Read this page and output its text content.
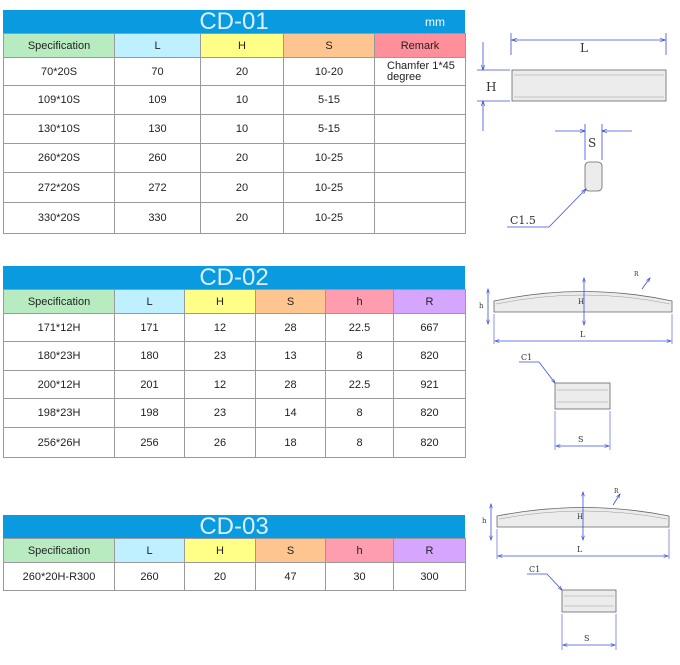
CD-01	mm
Specification	L	H	S	Remark
70*20S	70	20	10-20	Chamfer 1*45 degree
109*10S	109	10	5-15	
130*10S	130	10	5-15	
260*20S	260	20	10-25	
272*20S	272	20	10-25	
330*20S	330	20	10-25	
CD-02
Specification	L	H	S	h	R
171*12H	171	12	28	22.5	667
180*23H	180	23	13	8	820
200*12H	201	12	28	22.5	921
198*23H	198	23	14	8	820
256*26H	256	26	18	8	820
CD-03
Specification	L	H	S	h	R
260*20H-R300	260	20	47	30	300
L
H
S
C1.5
R
h	H
L
C1
S
R
h	H
L
C1
S
